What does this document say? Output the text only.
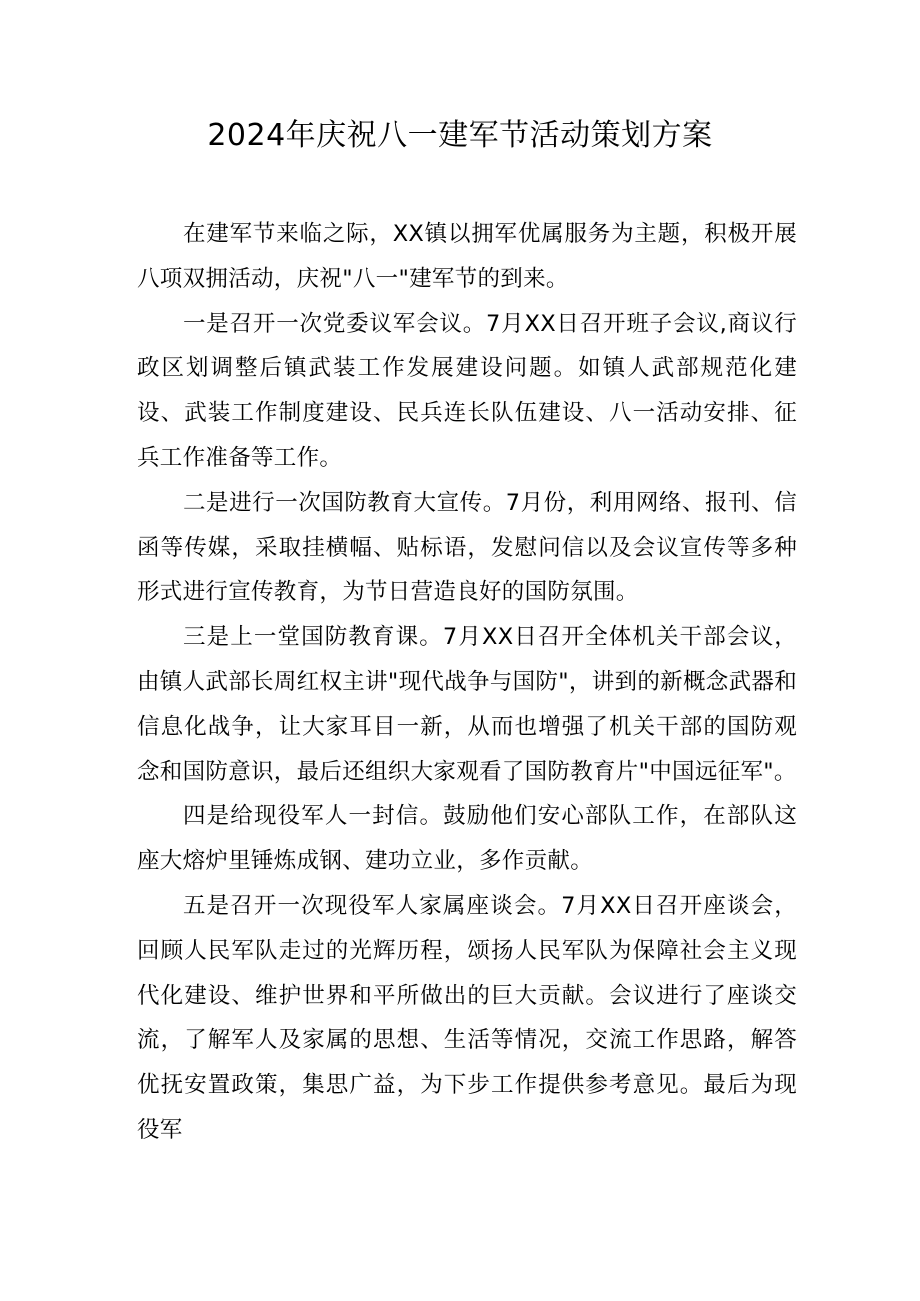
2024年庆祝八一建军节活动策划方案

在建军节来临之际，XX镇以拥军优属服务为主题，积极开展八项双拥活动，庆祝"八一"建军节的到来。

一是召开一次党委议军会议。7月XX日召开班子会议,商议行政区划调整后镇武装工作发展建设问题。如镇人武部规范化建设、武装工作制度建设、民兵连长队伍建设、八一活动安排、征兵工作准备等工作。

二是进行一次国防教育大宣传。7月份，利用网络、报刊、信函等传媒，采取挂横幅、贴标语，发慰问信以及会议宣传等多种形式进行宣传教育，为节日营造良好的国防氛围。

三是上一堂国防教育课。7月XX日召开全体机关干部会议，由镇人武部长周红权主讲"现代战争与国防"，讲到的新概念武器和信息化战争，让大家耳目一新，从而也增强了机关干部的国防观念和国防意识，最后还组织大家观看了国防教育片"中国远征军"。

四是给现役军人一封信。鼓励他们安心部队工作，在部队这座大熔炉里锤炼成钢、建功立业，多作贡献。

五是召开一次现役军人家属座谈会。7月XX日召开座谈会，回顾人民军队走过的光辉历程，颂扬人民军队为保障社会主义现代化建设、维护世界和平所做出的巨大贡献。会议进行了座谈交流，了解军人及家属的思想、生活等情况，交流工作思路，解答优抚安置政策，集思广益，为下步工作提供参考意见。最后为现役军
